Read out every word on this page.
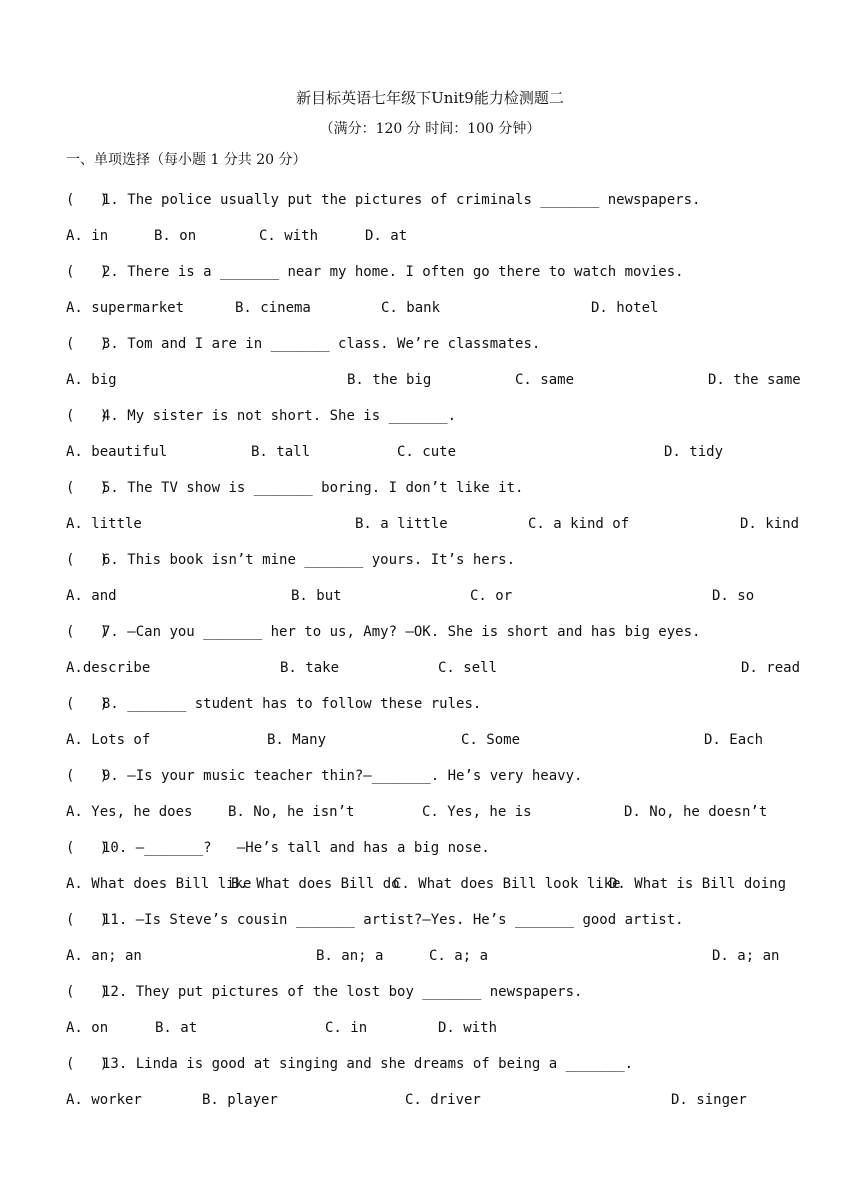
新目标英语七年级下Unit9能力检测题二
（满分：120 分 时间：100 分钟）
一、单项选择（每小题 1 分共 20 分）
(   )1. The police usually put the pictures of criminals _______ newspapers.
A. in	B. on	C. with	D. at
(   )2. There is a _______ near my home. I often go there to watch movies.
A. supermarket	B. cinema	C. bank	D. hotel
(   )3. Tom and I are in _______ class. We’re classmates.
A. big	B. the big	C. same	D. the same
(   )4. My sister is not short. She is _______.
A. beautiful	B. tall	C. cute	D. tidy
(   )5. The TV show is _______ boring. I don’t like it.
A. little	B. a little	C. a kind of	D. kind
(   )6. This book isn’t mine _______ yours. It’s hers.
A. and	B. but	C. or	D. so
(   )7. —Can you _______ her to us, Amy? —OK. She is short and has big eyes.
A.describe	B. take	C. sell	D. read
(   )8. _______ student has to follow these rules.
A. Lots of	B. Many	C. Some	D. Each
(   )9. —Is your music teacher thin?—_______. He’s very heavy.
A. Yes, he does	B. No, he isn’t	C. Yes, he is	D. No, he doesn’t
(   )10. —_______?   —He’s tall and has a big nose.
A. What does Bill like
B. What does Bill do
C. What does Bill look like
D. What is Bill doing
(   )11. —Is Steve’s cousin _______ artist?—Yes. He’s _______ good artist.
A. an; an	B. an; a	C. a; a	D. a; an
(   )12. They put pictures of the lost boy _______ newspapers.
A. on	B. at	C. in	D. with
(   )13. Linda is good at singing and she dreams of being a _______.
A. worker	B. player	C. driver	D. singer
